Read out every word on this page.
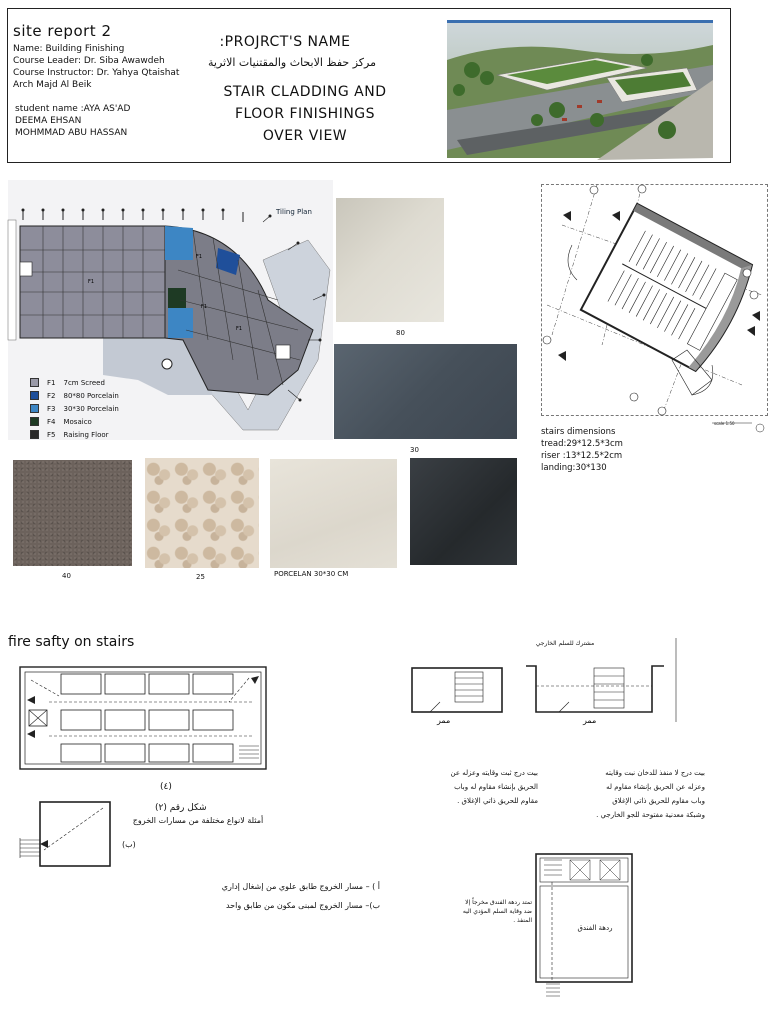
site report 2
Name: Building Finishing
Course Leader: Dr. Siba Awawdeh
Course Instructor: Dr. Yahya Qtaishat
Arch Majd Al Beik
student name :AYA AS'AD
DEEMA EHSAN
MOHMMAD ABU HASSAN
:PROJRCT'S NAME
مركز حفظ الابحاث والمقتنيات الاثرية
STAIR CLADDING AND
FLOOR FINISHINGS
OVER VIEW
F1
F1
F1
F1
Tiling Plan
F1 7cm Screed
F2 80*80 Porcelain
F3 30*30 Porcelain
F4 Mosaico
F5 Raising Floor
80
30
40	25	PORCELAN 30*30 CM
scale 1:50
stairs dimensions
tread:29*12.5*3cm
riser :13*12.5*2cm
landing:30*130
fire safty on stairs
(٤)
شكل رقم (٢)
أمثلة لانواع مختلفة من مسارات الخروج
(ب)
أ ) – مسار الخروج طابق علوي من إشغال إداري
ب)– مسار الخروج لمبنى مكون من طابق واحد
ممر
مشترك للسلم الخارجي
ممر
بيت درج ثبت وقايته وعزله عن الحريق بإنشاء مقاوم له وباب مقاوم للحريق ذاتي الإغلاق .
بيت درج لا منفذ للدخان نبت وقايته وعزله عن الحريق بإنشاء مقاوم له وباب مقاوم للحريق ذاتي الإغلاق وشبكة معدنية مفتوحة للجو الخارجي .
ردهة الفندق
تمتد ردهة الفندق مخرجاً إلا ضد وقاية السلم المؤدي اليه المنفذ .
